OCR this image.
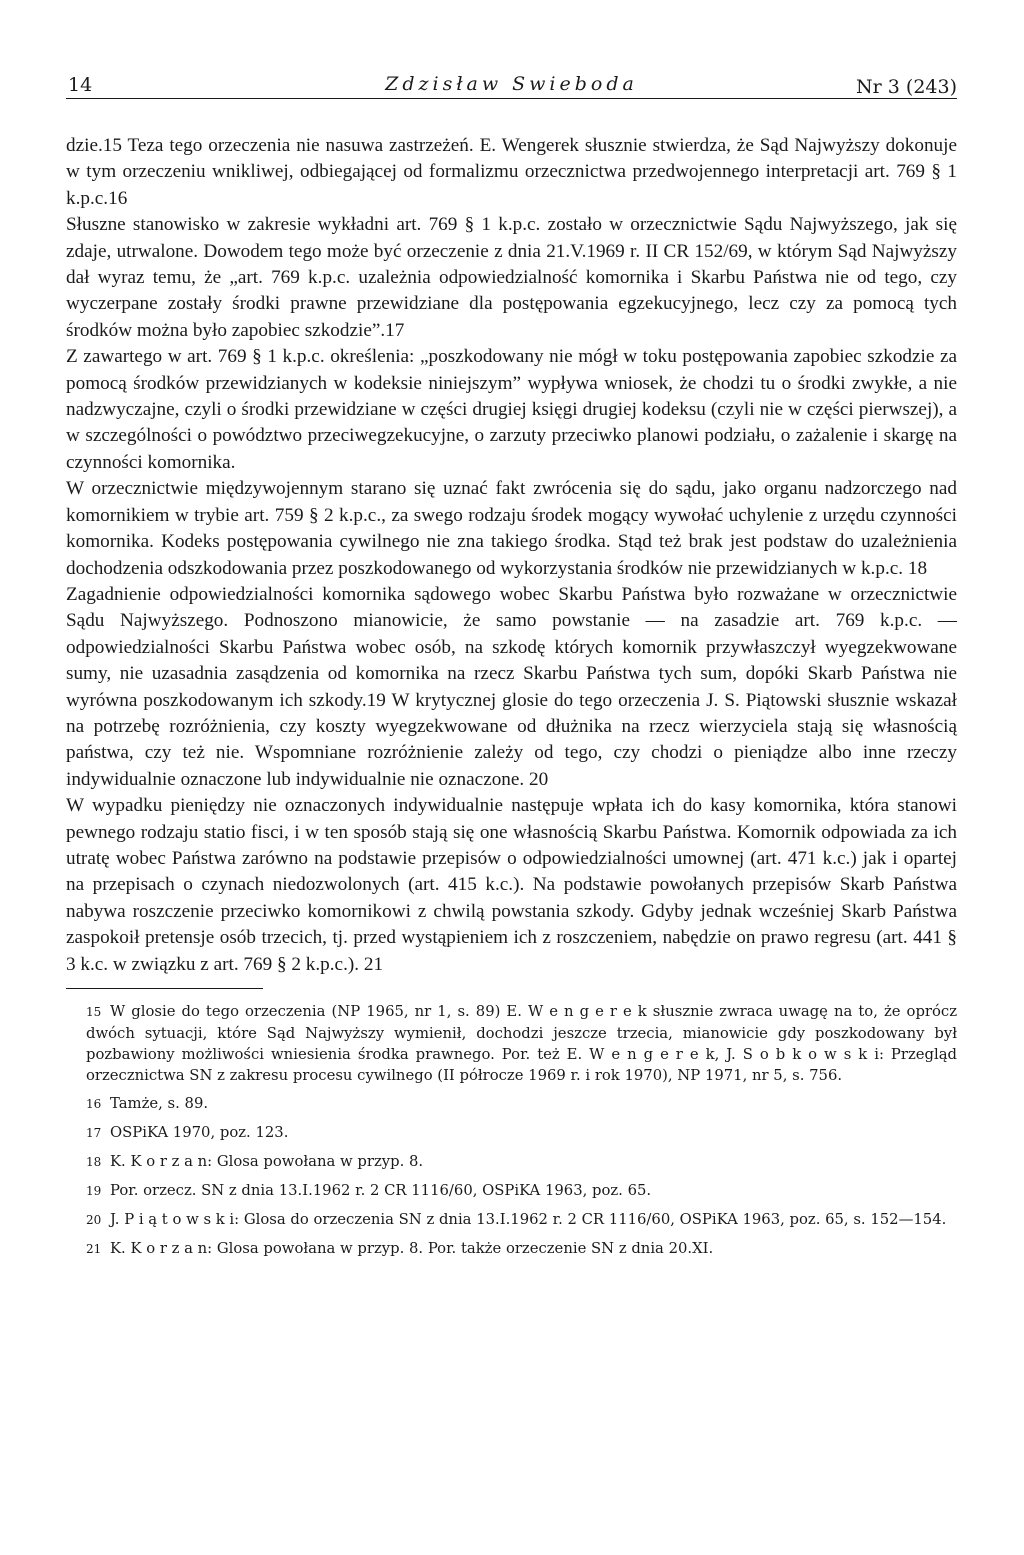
14	Zdzisław Swieboda	Nr 3 (243)

dzie.15 Teza tego orzeczenia nie nasuwa zastrzeżeń. E. Wengerek słusznie stwierdza, że Sąd Najwyższy dokonuje w tym orzeczeniu wnikliwej, odbiegającej od formalizmu orzecznictwa przedwojennego interpretacji art. 769 § 1 k.p.c.16

Słuszne stanowisko w zakresie wykładni art. 769 § 1 k.p.c. zostało w orzecznictwie Sądu Najwyższego, jak się zdaje, utrwalone. Dowodem tego może być orzeczenie z dnia 21.V.1969 r. II CR 152/69, w którym Sąd Najwyższy dał wyraz temu, że „art. 769 k.p.c. uzależnia odpowiedzialność komornika i Skarbu Państwa nie od tego, czy wyczerpane zostały środki prawne przewidziane dla postępowania egzekucyjnego, lecz czy za pomocą tych środków można było zapobiec szkodzie”.17

Z zawartego w art. 769 § 1 k.p.c. określenia: „poszkodowany nie mógł w toku postępowania zapobiec szkodzie za pomocą środków przewidzianych w kodeksie niniejszym” wypływa wniosek, że chodzi tu o środki zwykłe, a nie nadzwyczajne, czyli o środki przewidziane w części drugiej księgi drugiej kodeksu (czyli nie w części pierwszej), a w szczególności o powództwo przeciwegzekucyjne, o zarzuty przeciwko planowi podziału, o zażalenie i skargę na czynności komornika.

W orzecznictwie międzywojennym starano się uznać fakt zwrócenia się do sądu, jako organu nadzorczego nad komornikiem w trybie art. 759 § 2 k.p.c., za swego rodzaju środek mogący wywołać uchylenie z urzędu czynności komornika. Kodeks postępowania cywilnego nie zna takiego środka. Stąd też brak jest podstaw do uzależnienia dochodzenia odszkodowania przez poszkodowanego od wykorzystania środków nie przewidzianych w k.p.c. 18

Zagadnienie odpowiedzialności komornika sądowego wobec Skarbu Państwa było rozważane w orzecznictwie Sądu Najwyższego. Podnoszono mianowicie, że samo powstanie — na zasadzie art. 769 k.p.c. — odpowiedzialności Skarbu Państwa wobec osób, na szkodę których komornik przywłaszczył wyegzekwowane sumy, nie uzasadnia zasądzenia od komornika na rzecz Skarbu Państwa tych sum, dopóki Skarb Państwa nie wyrówna poszkodowanym ich szkody.19 W krytycznej glosie do tego orzeczenia J. S. Piątowski słusznie wskazał na potrzebę rozróżnienia, czy koszty wyegzekwowane od dłużnika na rzecz wierzyciela stają się własnością państwa, czy też nie. Wspomniane rozróżnienie zależy od tego, czy chodzi o pieniądze albo inne rzeczy indywidualnie oznaczone lub indywidualnie nie oznaczone. 20

W wypadku pieniędzy nie oznaczonych indywidualnie następuje wpłata ich do kasy komornika, która stanowi pewnego rodzaju statio fisci, i w ten sposób stają się one własnością Skarbu Państwa. Komornik odpowiada za ich utratę wobec Państwa zarówno na podstawie przepisów o odpowiedzialności umownej (art. 471 k.c.) jak i opartej na przepisach o czynach niedozwolonych (art. 415 k.c.). Na podstawie powołanych przepisów Skarb Państwa nabywa roszczenie przeciwko komornikowi z chwilą powstania szkody. Gdyby jednak wcześniej Skarb Państwa zaspokoił pretensje osób trzecich, tj. przed wystąpieniem ich z roszczeniem, nabędzie on prawo regresu (art. 441 § 3 k.c. w związku z art. 769 § 2 k.p.c.). 21

15 W glosie do tego orzeczenia (NP 1965, nr 1, s. 89) E. W e n g e r e k słusznie zwraca uwagę na to, że oprócz dwóch sytuacji, które Sąd Najwyższy wymienił, dochodzi jeszcze trzecia, mianowicie gdy poszkodowany był pozbawiony możliwości wniesienia środka prawnego. Por. też E. W e n g e r e k, J. S o b k o w s k i: Przegląd orzecznictwa SN z zakresu procesu cywilnego (II półrocze 1969 r. i rok 1970), NP 1971, nr 5, s. 756.

16 Tamże, s. 89.

17 OSPiKA 1970, poz. 123.

18 K. K o r z a n: Glosa powołana w przyp. 8.

19 Por. orzecz. SN z dnia 13.I.1962 r. 2 CR 1116/60, OSPiKA 1963, poz. 65.

20 J. P i ą t o w s k i: Glosa do orzeczenia SN z dnia 13.I.1962 r. 2 CR 1116/60, OSPiKA 1963, poz. 65, s. 152—154.

21 K. K o r z a n: Glosa powołana w przyp. 8. Por. także orzeczenie SN z dnia 20.XI.
